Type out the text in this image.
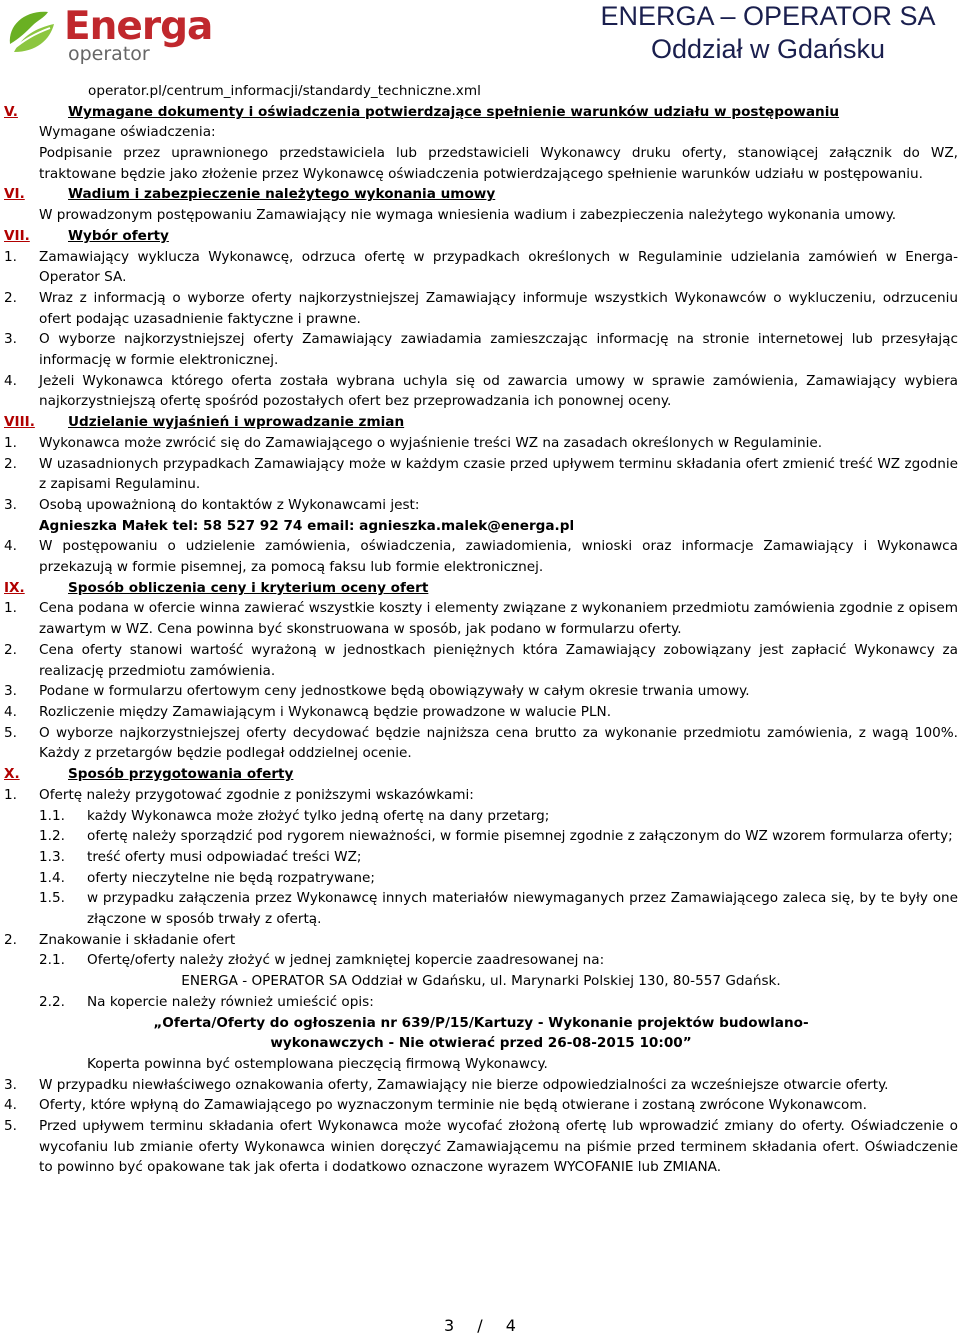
Energa
operator
ENERGA – OPERATOR SA
Oddział w Gdańsku
operator.pl/centrum_informacji/standardy_techniczne.xml
V.	Wymagane dokumenty i oświadczenia potwierdzające spełnienie warunków udziału w postępowaniu
Wymagane oświadczenia:
Podpisanie przez uprawnionego przedstawiciela lub przedstawicieli Wykonawcy druku oferty, stanowiącej załącznik do WZ, traktowane będzie jako złożenie przez Wykonawcę oświadczenia potwierdzającego spełnienie warunków udziału w postępowaniu.
VI.	Wadium i zabezpieczenie należytego wykonania umowy
W prowadzonym postępowaniu Zamawiający nie wymaga wniesienia wadium i zabezpieczenia należytego wykonania umowy.
VII.	Wybór oferty
1. Zamawiający wyklucza Wykonawcę, odrzuca ofertę w przypadkach określonych w Regulaminie udzielania zamówień w Energa-Operator SA.
2. Wraz z informacją o wyborze oferty najkorzystniejszej Zamawiający informuje wszystkich Wykonawców o wykluczeniu, odrzuceniu ofert podając uzasadnienie faktyczne i prawne.
3. O wyborze najkorzystniejszej oferty Zamawiający zawiadamia zamieszczając informację na stronie internetowej lub przesyłając informację w formie elektronicznej.
4. Jeżeli Wykonawca którego oferta została wybrana uchyla się od zawarcia umowy w sprawie zamówienia, Zamawiający wybiera najkorzystniejszą ofertę spośród pozostałych ofert bez przeprowadzania ich ponownej oceny.
VIII. Udzielanie wyjaśnień i wprowadzanie zmian
1. Wykonawca może zwrócić się do Zamawiającego o wyjaśnienie treści WZ na zasadach określonych w Regulaminie.
2. W uzasadnionych przypadkach Zamawiający może w każdym czasie przed upływem terminu składania ofert zmienić treść WZ zgodnie z zapisami Regulaminu.
3. Osobą upoważnioną do kontaktów z Wykonawcami jest:
Agnieszka Małek tel: 58 527 92 74 email: agnieszka.malek@energa.pl
4. W postępowaniu o udzielenie zamówienia, oświadczenia, zawiadomienia, wnioski oraz informacje Zamawiający i Wykonawca przekazują w formie pisemnej, za pomocą faksu lub formie elektronicznej.
IX.	Sposób obliczenia ceny i kryterium oceny ofert
1. Cena podana w ofercie winna zawierać wszystkie koszty i elementy związane z wykonaniem przedmiotu zamówienia zgodnie z opisem zawartym w WZ. Cena powinna być skonstruowana w sposób, jak podano w formularzu oferty.
2. Cena oferty stanowi wartość wyrażoną w jednostkach pieniężnych która Zamawiający zobowiązany jest zapłacić Wykonawcy za realizację przedmiotu zamówienia.
3. Podane w formularzu ofertowym ceny jednostkowe będą obowiązywały w całym okresie trwania umowy.
4. Rozliczenie między Zamawiającym i Wykonawcą będzie prowadzone w walucie PLN.
5. O wyborze najkorzystniejszej oferty decydować będzie najniższa cena brutto za wykonanie przedmiotu zamówienia, z wagą 100%. Każdy z przetargów będzie podlegał oddzielnej ocenie.
X.	Sposób przygotowania oferty
1. Ofertę należy przygotować zgodnie z poniższymi wskazówkami:
1.1. każdy Wykonawca może złożyć tylko jedną ofertę na dany przetarg;
1.2. ofertę należy sporządzić pod rygorem nieważności, w formie pisemnej zgodnie z załączonym do WZ wzorem formularza oferty;
1.3. treść oferty musi odpowiadać treści WZ;
1.4. oferty nieczytelne nie będą rozpatrywane;
1.5. w przypadku załączenia przez Wykonawcę innych materiałów niewymaganych przez Zamawiającego zaleca się, by te były one złączone w sposób trwały z ofertą.
2. Znakowanie i składanie ofert
2.1. Ofertę/oferty należy złożyć w jednej zamkniętej kopercie zaadresowanej na:
ENERGA - OPERATOR SA Oddział w Gdańsku, ul. Marynarki Polskiej 130, 80-557 Gdańsk.
2.2. Na kopercie należy również umieścić opis:
„Oferta/Oferty do ogłoszenia nr 639/P/15/Kartuzy - Wykonanie projektów budowlano-
wykonawczych - Nie otwierać przed 26-08-2015 10:00”
Koperta powinna być ostemplowana pieczęcią firmową Wykonawcy.
3. W przypadku niewłaściwego oznakowania oferty, Zamawiający nie bierze odpowiedzialności za wcześniejsze otwarcie oferty.
4. Oferty, które wpłyną do Zamawiającego po wyznaczonym terminie nie będą otwierane i zostaną zwrócone Wykonawcom.
5. Przed upływem terminu składania ofert Wykonawca może wycofać złożoną ofertę lub wprowadzić zmiany do oferty. Oświadczenie o wycofaniu lub zmianie oferty Wykonawca winien doręczyć Zamawiającemu na piśmie przed terminem składania ofert. Oświadczenie to powinno być opakowane tak jak oferta i dodatkowo oznaczone wyrazem WYCOFANIE lub ZMIANA.
3 / 4
